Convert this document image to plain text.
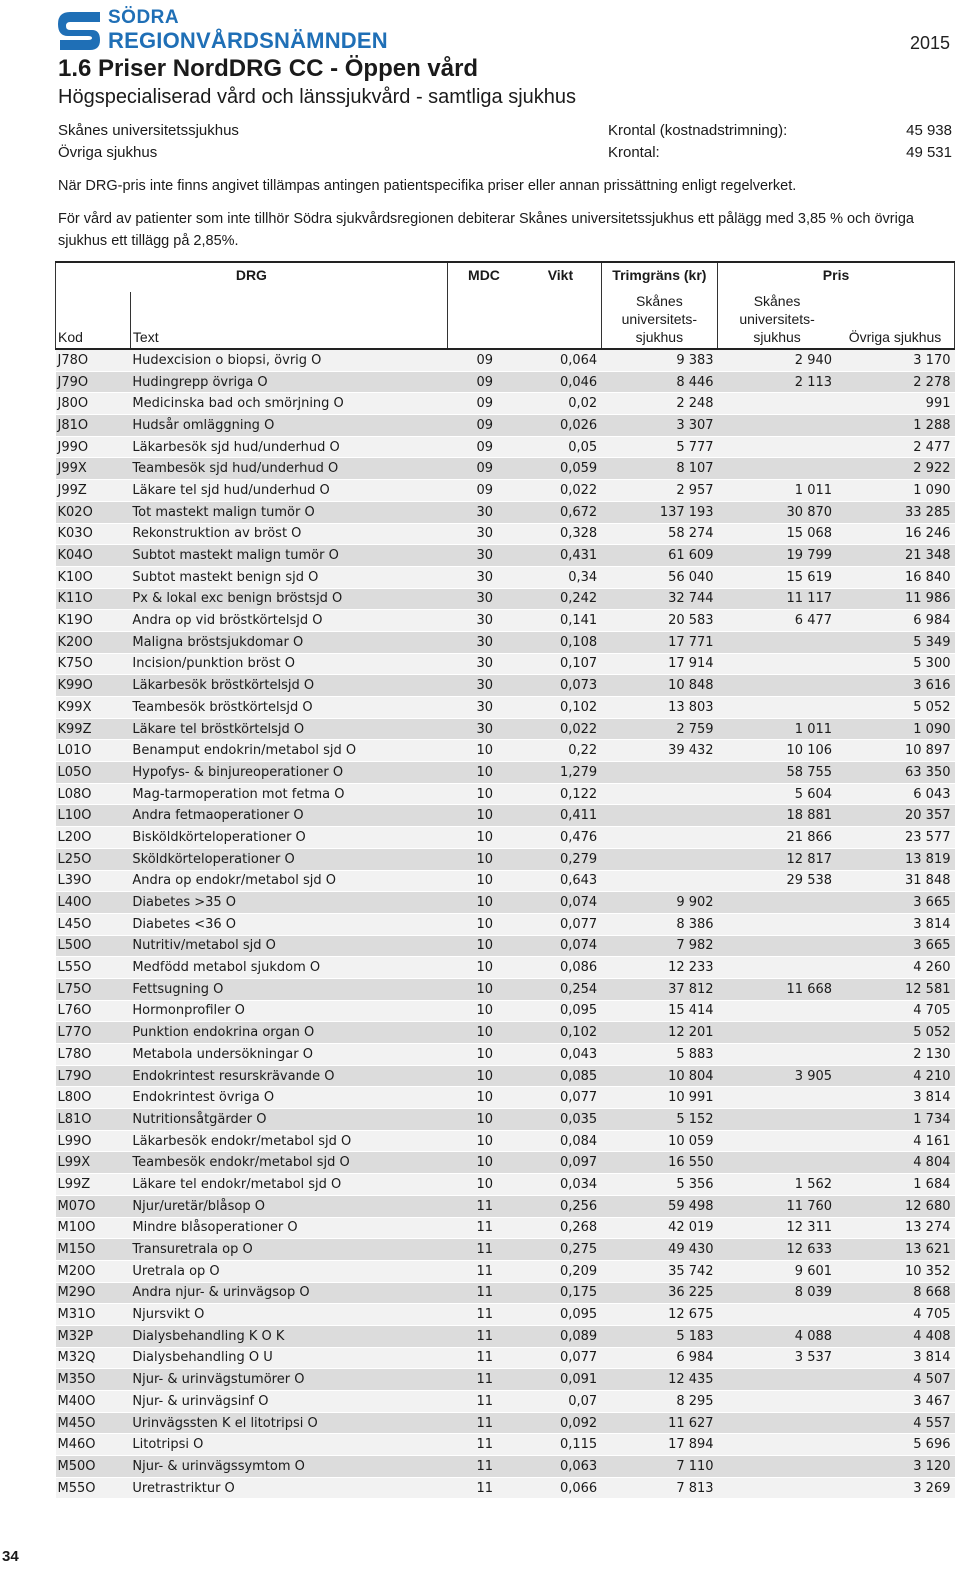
SÖDRA
REGIONVÅRDSNÄMNDEN	2015
1.6 Priser NordDRG CC - Öppen vård
Högspecialiserad vård och länssjukvård - samtliga sjukhus
Skånes universitetssjukhus	Krontal (kostnadstrimning):	45 938
Övriga sjukhus	Krontal:	49 531
När DRG-pris inte finns angivet tillämpas antingen patientspecifika priser eller annan prissättning enligt regelverket.
För vård av patienter som inte tillhör Södra sjukvårdsregionen debiterar Skånes universitetssjukhus ett pålägg med 3,85 % och övriga sjukhus ett tillägg på 2,85%.
DRG		MDC	Vikt	Trimgräns (kr)	Pris	
Kod	Text			Skånes universitets-sjukhus	Skånes universitets-sjukhus	Övriga sjukhus
J78O	Hudexcision o biopsi, övrig O	09	0,064	9 383	2 940	3 170
J79O	Hudingrepp övriga O	09	0,046	8 446	2 113	2 278
J80O	Medicinska bad och smörjning O	09	0,02	2 248		991
J81O	Hudsår omläggning O	09	0,026	3 307		1 288
J99O	Läkarbesök sjd hud/underhud O	09	0,05	5 777		2 477
J99X	Teambesök sjd hud/underhud O	09	0,059	8 107		2 922
J99Z	Läkare tel sjd hud/underhud O	09	0,022	2 957	1 011	1 090
K02O	Tot mastekt malign tumör O	30	0,672	137 193	30 870	33 285
K03O	Rekonstruktion av bröst O	30	0,328	58 274	15 068	16 246
K04O	Subtot mastekt malign tumör O	30	0,431	61 609	19 799	21 348
K10O	Subtot mastekt benign sjd O	30	0,34	56 040	15 619	16 840
K11O	Px & lokal exc benign bröstsjd O	30	0,242	32 744	11 117	11 986
K19O	Andra op vid bröstkörtelsjd O	30	0,141	20 583	6 477	6 984
K20O	Maligna bröstsjukdomar O	30	0,108	17 771		5 349
K75O	Incision/punktion bröst O	30	0,107	17 914		5 300
K99O	Läkarbesök bröstkörtelsjd O	30	0,073	10 848		3 616
K99X	Teambesök bröstkörtelsjd O	30	0,102	13 803		5 052
K99Z	Läkare tel bröstkörtelsjd O	30	0,022	2 759	1 011	1 090
L01O	Benamput endokrin/metabol sjd O	10	0,22	39 432	10 106	10 897
L05O	Hypofys- & binjureoperationer O	10	1,279		58 755	63 350
L08O	Mag-tarmoperation mot fetma O	10	0,122		5 604	6 043
L10O	Andra fetmaoperationer O	10	0,411		18 881	20 357
L20O	Bisköldkörteloperationer O	10	0,476		21 866	23 577
L25O	Sköldkörteloperationer O	10	0,279		12 817	13 819
L39O	Andra op endokr/metabol sjd O	10	0,643		29 538	31 848
L40O	Diabetes >35 O	10	0,074	9 902		3 665
L45O	Diabetes <36 O	10	0,077	8 386		3 814
L50O	Nutritiv/metabol sjd O	10	0,074	7 982		3 665
L55O	Medfödd metabol sjukdom O	10	0,086	12 233		4 260
L75O	Fettsugning O	10	0,254	37 812	11 668	12 581
L76O	Hormonprofiler O	10	0,095	15 414		4 705
L77O	Punktion endokrina organ O	10	0,102	12 201		5 052
L78O	Metabola undersökningar O	10	0,043	5 883		2 130
L79O	Endokrintest resurskrävande O	10	0,085	10 804	3 905	4 210
L80O	Endokrintest övriga O	10	0,077	10 991		3 814
L81O	Nutritionsåtgärder O	10	0,035	5 152		1 734
L99O	Läkarbesök endokr/metabol sjd O	10	0,084	10 059		4 161
L99X	Teambesök endokr/metabol sjd O	10	0,097	16 550		4 804
L99Z	Läkare tel endokr/metabol sjd O	10	0,034	5 356	1 562	1 684
M07O	Njur/uretär/blåsop O	11	0,256	59 498	11 760	12 680
M10O	Mindre blåsoperationer O	11	0,268	42 019	12 311	13 274
M15O	Transuretrala op O	11	0,275	49 430	12 633	13 621
M20O	Uretrala op O	11	0,209	35 742	9 601	10 352
M29O	Andra njur- & urinvägsop O	11	0,175	36 225	8 039	8 668
M31O	Njursvikt O	11	0,095	12 675		4 705
M32P	Dialysbehandling K O K	11	0,089	5 183	4 088	4 408
M32Q	Dialysbehandling O U	11	0,077	6 984	3 537	3 814
M35O	Njur- & urinvägstumörer O	11	0,091	12 435		4 507
M40O	Njur- & urinvägsinf O	11	0,07	8 295		3 467
M45O	Urinvägssten K el litotripsi O	11	0,092	11 627		4 557
M46O	Litotripsi O	11	0,115	17 894		5 696
M50O	Njur- & urinvägssymtom O	11	0,063	7 110		3 120
M55O	Uretrastriktur O	11	0,066	7 813		3 269
34
